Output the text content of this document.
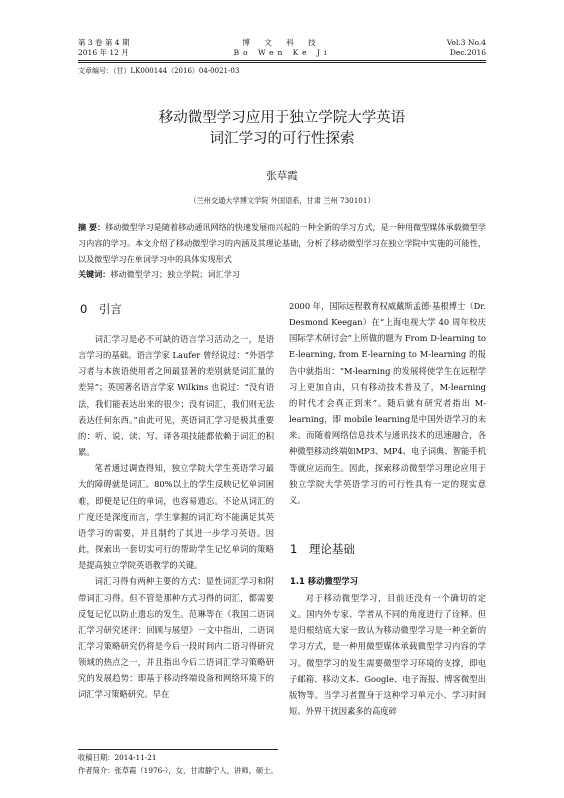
第 3 卷 第 4 期
2016 年 12 月
博 文 科 技
Bo Wen Ke Ji
Vol.3 No.4
Dec.2016
文章编号：（甘）LK000144（2016）04-0021-03
移动微型学习应用于独立学院大学英语
词汇学习的可行性探索
张草霞
（兰州交通大学博文学院 外国语系，甘肃 兰州 730101）
摘 要：移动微型学习是随着移动通讯网络的快速发展而兴起的一种全新的学习方式，是一种用微型媒体承载微型学习内容的学习。本文介绍了移动微型学习的内涵及其理论基础，分析了移动微型学习在独立学院中实施的可能性，以及微型学习在单词学习中的具体实现形式
关键词：移动微型学习；独立学院；词汇学习
0　引言

词汇学习是必不可缺的语言学习活动之一，是语言学习的基础。语言学家 Laufer 曾经说过：“外语学习者与本族语使用者之间最显著的差别就是词汇量的差异”；英国著名语言学家 Wilkins 也说过：“没有语法，我们能表达出来的很少；没有词汇，我们则无法表达任何东西。”由此可见，英语词汇学习是极其重要的：听、说、读、写、译各项技能都依赖于词汇的积累。

笔者通过调查得知，独立学院大学生英语学习最大的障碍就是词汇。80%以上的学生反映记忆单词困难，即便是记住的单词，也容易遗忘。不论从词汇的广度还是深度而言，学生掌握的词汇均不能满足其英语学习的需要，并且制约了其进一步学习英语。因此，探索出一套切实可行的帮助学生记忆单词的策略是提高独立学院英语教学的关键。

词汇习得有两种主要的方式：显性词汇学习和附带词汇习得。但不管是那种方式习得的词汇，都需要反复记忆以防止遗忘的发生。范琳等在《我国二语词汇学习研究述评：回顾与展望》一文中指出，二语词汇学习策略研究仍将是今后一段时间内二语习得研究领域的热点之一，并且指出今后二语词汇学习策略研究的发展趋势：即基于移动终端设备和网络环境下的词汇学习策略研究。早在

2000 年，国际远程教育权威戴斯孟德·基根博士（Dr. Desmond Keegan）在“上海电视大学 40 周年校庆国际学术研讨会”上所做的题为 From D-learning to E-learning, from E-learning to M-learning 的报告中就指出：“M-learning 的发展将使学生在远程学习上更加自由，只有移动技术普及了，M-learning 的时代才会真正到来”。随后就有研究者指出 M-learning，即 mobile learning是中国外语学习的未来。而随着网络信息技术与通讯技术的迅速融合，各种微型移动终端如MP3、MP4、电子词典、智能手机等就应运而生。因此，探索移动微型学习理论应用于独立学院大学英语学习的可行性具有一定的现实意义。

1　理论基础
1.1 移动微型学习

对于移动微型学习，目前还没有一个确切的定义。国内外专家、学者从不同的角度进行了诠释。但是归根结底大家一致认为移动微型学习是一种全新的学习方式，是一种用微型媒体承载微型学习内容的学习。微型学习的发生需要微型学习环境的支撑，即电子邮箱、移动文本、Google、电子海报、博客微型出版物等。当学习者置身于这种学习单元小、学习时间短、外界干扰因素多的高度碎

收稿日期：2014-11-21
作者简介：张草霞（1976-），女，甘肃静宁人，讲师，硕士。
